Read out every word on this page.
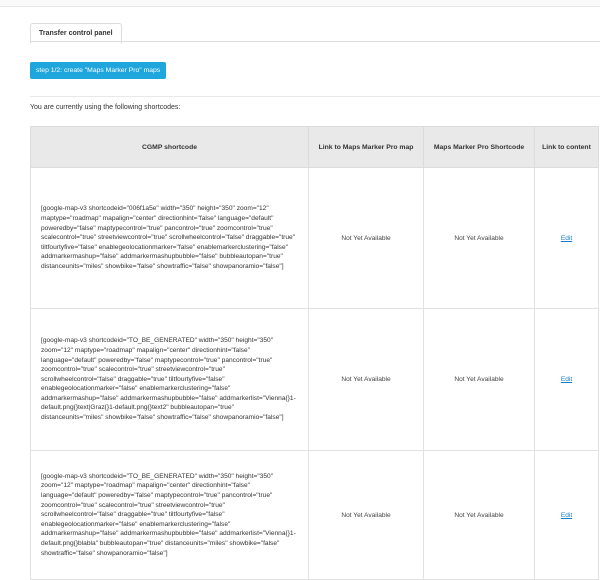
Transfer control panel
step 1/2: create "Maps Marker Pro" maps
You are currently using the following shortcodes:
CGMP shortcode	Link to Maps Marker Pro map	Maps Marker Pro Shortcode	Link to content
[google-map-v3 shortcodeid="006f1a5e" width="350" height="350" zoom="12" maptype="roadmap" mapalign="center" directionhint="false" language="default" poweredby="false" maptypecontrol="true" pancontrol="true" zoomcontrol="true" scalecontrol="true" streetviewcontrol="true" scrollwheelcontrol="false" draggable="true" tiltfourtyfive="false" enablegeolocationmarker="false" enablemarkerclustering="false" addmarkermashup="false" addmarkermashupbubble="false" bubbleautopan="true" distanceunits="miles" showbike="false" showtraffic="false" showpanoramio="false"]	Not Yet Available	Not Yet Available	Edit
[google-map-v3 shortcodeid="TO_BE_GENERATED" width="350" height="350" zoom="12" maptype="roadmap" mapalign="center" directionhint="false" language="default" poweredby="false" maptypecontrol="true" pancontrol="true" zoomcontrol="true" scalecontrol="true" streetviewcontrol="true" scrollwheelcontrol="false" draggable="true" tiltfourtyfive="false" enablegeolocationmarker="false" enablemarkerclustering="false" addmarkermashup="false" addmarkermashupbubble="false" addmarkerlist="Vienna{}1-default.png{}text|Graz{}1-default.png{}text2" bubbleautopan="true" distanceunits="miles" showbike="false" showtraffic="false" showpanoramio="false"]	Not Yet Available	Not Yet Available	Edit
[google-map-v3 shortcodeid="TO_BE_GENERATED" width="350" height="350" zoom="12" maptype="roadmap" mapalign="center" directionhint="false" language="default" poweredby="false" maptypecontrol="true" pancontrol="true" zoomcontrol="true" scalecontrol="true" streetviewcontrol="true" scrollwheelcontrol="false" draggable="true" tiltfourtyfive="false" enablegeolocationmarker="false" enablemarkerclustering="false" addmarkermashup="false" addmarkermashupbubble="false" addmarkerlist="Vienna{}1-default.png{}blabla" bubbleautopan="true" distanceunits="miles" showbike="false" showtraffic="false" showpanoramio="false"]	Not Yet Available	Not Yet Available	Edit
